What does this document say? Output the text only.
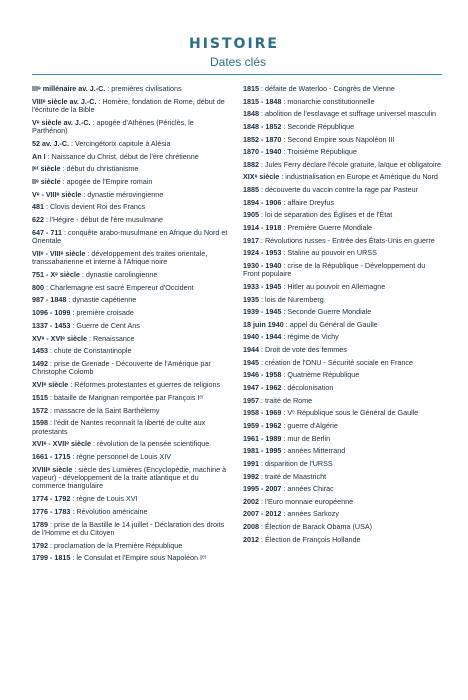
HISTOIRE
Dates clés
IIIᵉ millénaire av. J.-C. : premières civilisations
VIIIᵉ siècle av. J.-C. : Homère, fondation de Rome, début de l'écriture de la Bible
Vᵉ siècle av. J.-C. : apogée d'Athènes (Périclès, le Parthénon)
52 av. J.-C. : Vercingétorix capitule à Alésia
An I : Naissance du Christ, début de l'ère chrétienne
Iᵉʳ siècle : début du christianisme
IIᵉ siècle : apogée de l'Empire romain
Vᵉ - VIIIᵉ siècle : dynastie mérovingienne
481 : Clovis devient Roi des Francs
622 : l'Hégire - début de l'ère musulmane
647 - 711 : conquête arabo-musulmane en Afrique du Nord et Orientale
VIIᵉ - VIIIᵉ siècle : développement des traites orientale, transsaharienne et interne à l'Afrique noire
751 - Xᵉ siècle : dynastie carolingienne
800 : Charlemagne est sacré Empereur d'Occident
987 - 1848 : dynastie capétienne
1096 - 1099 : première croisade
1337 - 1453 : Guerre de Cent Ans
XVᵉ - XVIᵉ siècle : Renaissance
1453 : chute de Constantinople
1492 : prise de Grenade - Découverte de l'Amérique par Christophe Colomb
XVIᵉ siècle : Réformes protestantes et guerres de religions
1515 : bataille de Marignan remportée par François Iᵉʳ
1572 : massacre de la Saint Barthélemy
1598 : l'édit de Nantes reconnaît la liberté de culte aux protestants
XVIᵉ - XVIIᵉ siècle : révolution de la pensée scientifique
1661 - 1715 : règne personnel de Louis XIV
XVIIIᵉ siècle : siècle des Lumières (Encyclopédie, machine à vapeur) - développement de la traite atlantique et du commerce triangulaire
1774 - 1792 : règne de Louis XVI
1776 - 1783 : Révolution américaine
1789 : prise de la Bastille le 14 juillet - Déclaration des droits de l'Homme et du Citoyen
1792 : proclamation de la Première République
1799 - 1815 : le Consulat et l'Empire sous Napoléon Iᵉʳ
1815 : défaite de Waterloo - Congrès de Vienne
1815 - 1848 : monarchie constitutionnelle
1848 : abolition de l'esclavage et suffrage universel masculin
1848 - 1852 : Seconde République
1852 - 1870 : Second Empire sous Napoléon III
1870 - 1940 : Troisième République
1882 : Jules Ferry déclare l'école gratuite, laïque et obligatoire
XIXᵉ siècle : industrialisation en Europe et Amérique du Nord
1885 : découverte du vaccin contre la rage par Pasteur
1894 - 1906 : affaire Dreyfus
1905 : loi de séparation des Églises et de l'État
1914 - 1918 : Première Guerre Mondiale
1917 : Révolutions russes - Entrée des États-Unis en guerre
1924 - 1953 : Staline au pouvoir en URSS
1930 - 1940 : crise de la République - Développement du Front populaire
1933 - 1945 : Hitler au pouvoir en Allemagne
1935 : lois de Nuremberg
1939 - 1945 : Seconde Guerre Mondiale
18 juin 1940 : appel du Général de Gaulle
1940 - 1944 : régime de Vichy
1944 : Droit de vote des femmes
1945 : création de l'ONU - Sécurité sociale en France
1946 - 1958 : Quatrième République
1947 - 1962 : décolonisation
1957 : traité de Rome
1958 - 1969 : Vᵉ République sous le Général de Gaulle
1959 - 1962 : guerre d'Algérie
1961 - 1989 : mur de Berlin
1981 - 1995 : années Mitterrand
1991 : disparition de l'URSS
1992 : traité de Maastricht
1995 - 2007 : années Chirac
2002 : l'Euro monnaie européenne
2007 - 2012 : années Sarkozy
2008 : Élection de Barack Obama (USA)
2012 : Élection de François Hollande
